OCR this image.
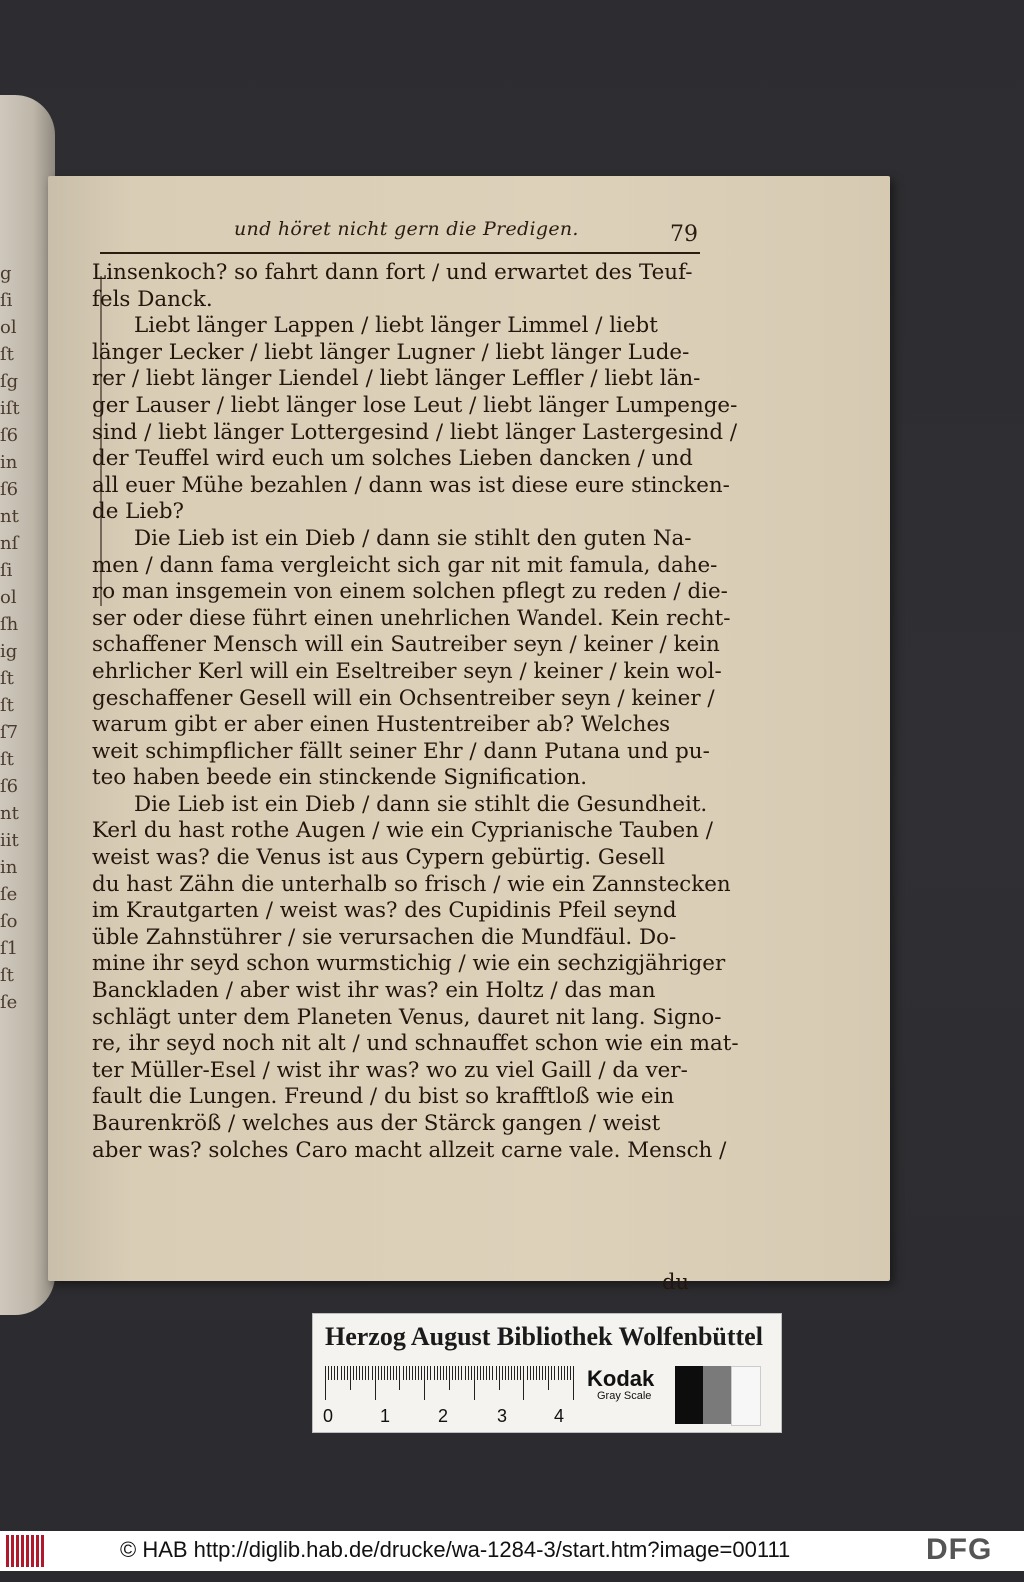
g
ſi
ol
ſt
ſg
iſt
ſ6
in
ſ6
nt
nſ
ſi
ol
ſh
ig
ſt
ſt
ſ7
ſt
ſ6
nt
iit
in
ſe
ſo
ſ1
ſt
ſe
und höret nicht gern die Predigen.	79
Linsenkoch? so fahrt dann fort / und erwartet des Teuf-
fels Danck.
Liebt länger Lappen / liebt länger Limmel / liebt
länger Lecker / liebt länger Lugner / liebt länger Lude-
rer / liebt länger Liendel / liebt länger Leffler / liebt län-
ger Lauser / liebt länger lose Leut / liebt länger Lumpenge-
sind / liebt länger Lottergesind / liebt länger Lastergesind /
der Teuffel wird euch um solches Lieben dancken / und
all euer Mühe bezahlen / dann was ist diese eure stincken-
de Lieb?
Die Lieb ist ein Dieb / dann sie stihlt den guten Na-
men / dann fama vergleicht sich gar nit mit famula, dahe-
ro man insgemein von einem solchen pflegt zu reden / die-
ser oder diese führt einen unehrlichen Wandel. Kein recht-
schaffener Mensch will ein Sautreiber seyn / keiner / kein
ehrlicher Kerl will ein Eseltreiber seyn / keiner / kein wol-
geschaffener Gesell will ein Ochsentreiber seyn / keiner /
warum gibt er aber einen Hustentreiber ab? Welches
weit schimpflicher fällt seiner Ehr / dann Putana und pu-
teo haben beede ein stinckende Signification.
Die Lieb ist ein Dieb / dann sie stihlt die Gesundheit.
Kerl du hast rothe Augen / wie ein Cyprianische Tauben /
weist was? die Venus ist aus Cypern gebürtig. Gesell
du hast Zähn die unterhalb so frisch / wie ein Zannstecken
im Krautgarten / weist was? des Cupidinis Pfeil seynd
üble Zahnstührer / sie verursachen die Mundfäul. Do-
mine ihr seyd schon wurmstichig / wie ein sechzigjähriger
Banckladen / aber wist ihr was? ein Holtz / das man
schlägt unter dem Planeten Venus, dauret nit lang. Signo-
re, ihr seyd noch nit alt / und schnauffet schon wie ein mat-
ter Müller-Esel / wist ihr was? wo zu viel Gaill / da ver-
fault die Lungen. Freund / du bist so krafftloß wie ein
Baurenkröß / welches aus der Stärck gangen / weist
aber was? solches Caro macht allzeit carne vale. Mensch /
du
Herzog August Bibliothek Wolfenbüttel
0	1	2	3	4
Kodak
Gray Scale
© HAB http://diglib.hab.de/drucke/wa-1284-3/start.htm?image=00111	DFG
